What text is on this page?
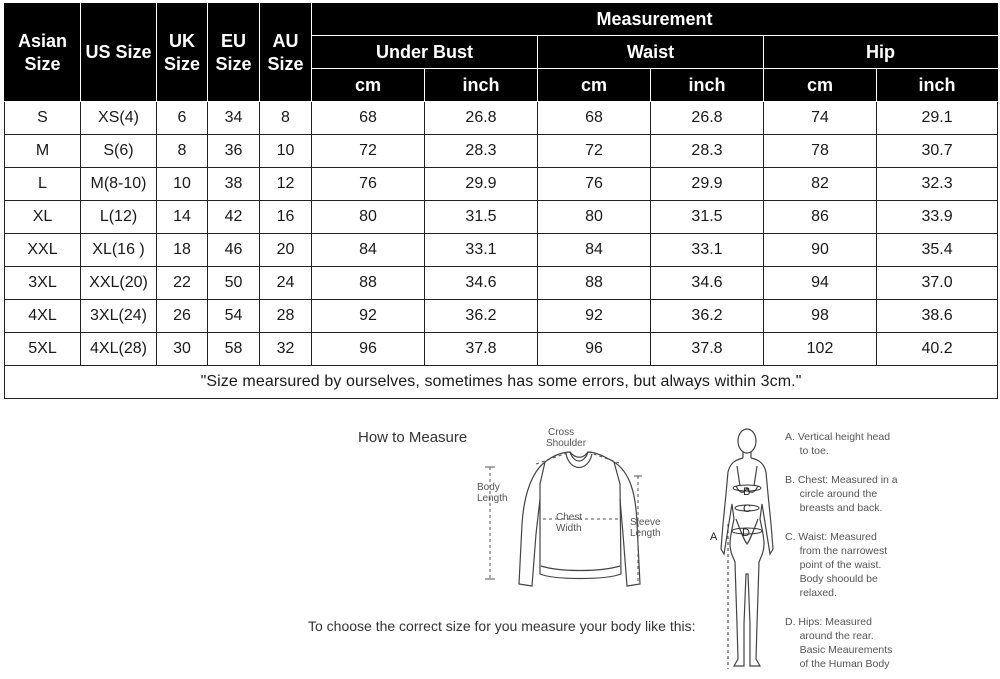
Asian Size	US Size	UK Size	EU Size	AU Size	Measurement					
					Under Bust		Waist		Hip	
					cm	inch	cm	inch	cm	inch
S	XS(4)	6	34	8	68	26.8	68	26.8	74	29.1
M	S(6)	8	36	10	72	28.3	72	28.3	78	30.7
L	M(8-10)	10	38	12	76	29.9	76	29.9	82	32.3
XL	L(12)	14	42	16	80	31.5	80	31.5	86	33.9
XXL	XL(16 )	18	46	20	84	33.1	84	33.1	90	35.4
3XL	XXL(20)	22	50	24	88	34.6	88	34.6	94	37.0
4XL	3XL(24)	26	54	28	92	36.2	92	36.2	98	38.6
5XL	4XL(28)	30	58	32	96	37.8	96	37.8	102	40.2
"Size mearsured by ourselves, sometimes has some errors, but always within 3cm."										
How to Measure
To choose the correct size for you measure your body like this:
Cross
Shoulder
Body
Length
Chest
Width
Sleeve
Length
B
C
D
A
A. Vertical height head
to toe.
B. Chest: Measured in a
circle around the
breasts and back.
C. Waist: Measured
from the narrowest
point of the waist.
Body shoould be
relaxed.
D. Hips: Measured
around the rear.
Basic Meaurements
of the Human Body
